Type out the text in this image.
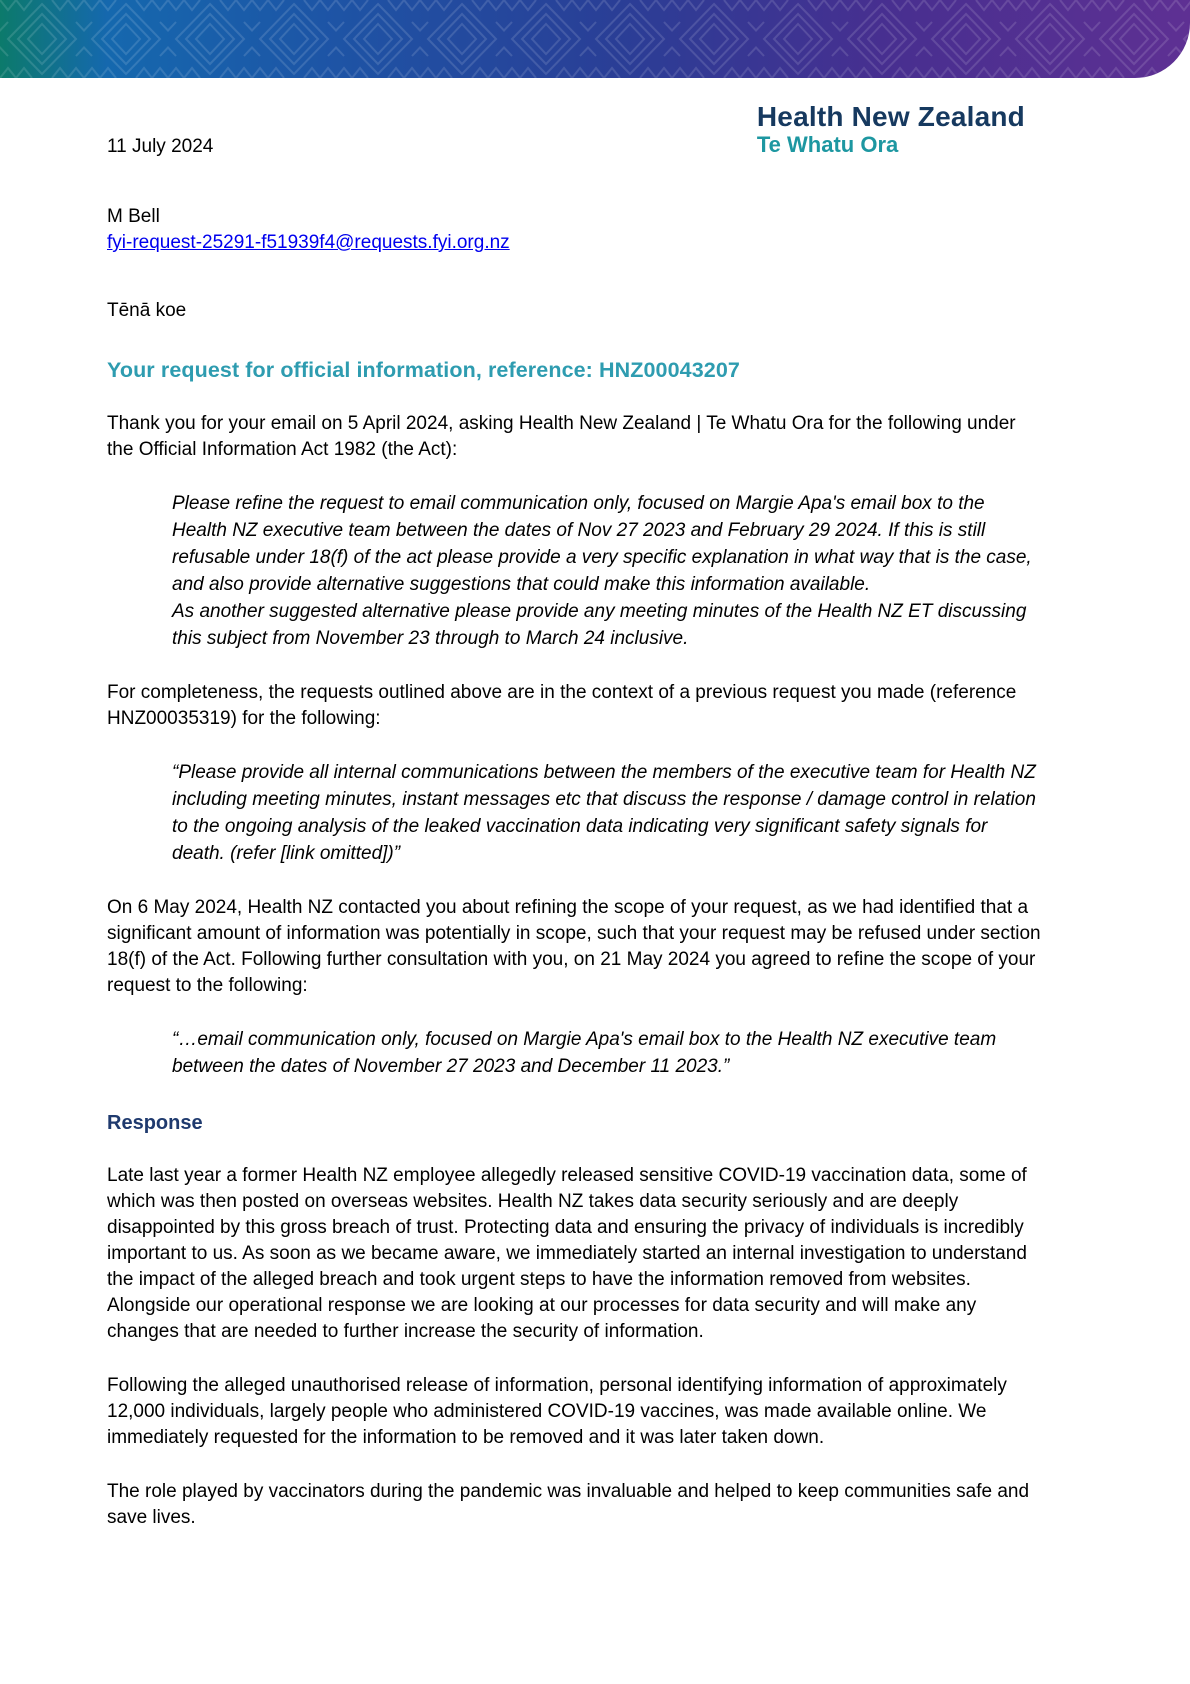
11 July 2024
Health New Zealand
Te Whatu Ora
M Bell
fyi-request-25291-f51939f4@requests.fyi.org.nz
Tēnā koe
Your request for official information, reference: HNZ00043207
Thank you for your email on 5 April 2024, asking Health New Zealand | Te Whatu Ora for the following under the Official Information Act 1982 (the Act):
Please refine the request to email communication only, focused on Margie Apa's email box to the Health NZ executive team between the dates of Nov 27 2023 and February 29 2024. If this is still refusable under 18(f) of the act please provide a very specific explanation in what way that is the case, and also provide alternative suggestions that could make this information available.
As another suggested alternative please provide any meeting minutes of the Health NZ ET discussing this subject from November 23 through to March 24 inclusive.
For completeness, the requests outlined above are in the context of a previous request you made (reference HNZ00035319) for the following:
“Please provide all internal communications between the members of the executive team for Health NZ including meeting minutes, instant messages etc that discuss the response / damage control in relation to the ongoing analysis of the leaked vaccination data indicating very significant safety signals for death. (refer [link omitted])”
On 6 May 2024, Health NZ contacted you about refining the scope of your request, as we had identified that a significant amount of information was potentially in scope, such that your request may be refused under section 18(f) of the Act. Following further consultation with you, on 21 May 2024 you agreed to refine the scope of your request to the following:
“…email communication only, focused on Margie Apa's email box to the Health NZ executive team between the dates of November 27 2023 and December 11 2023.”
Response
Late last year a former Health NZ employee allegedly released sensitive COVID-19 vaccination data, some of which was then posted on overseas websites. Health NZ takes data security seriously and are deeply disappointed by this gross breach of trust. Protecting data and ensuring the privacy of individuals is incredibly important to us. As soon as we became aware, we immediately started an internal investigation to understand the impact of the alleged breach and took urgent steps to have the information removed from websites. Alongside our operational response we are looking at our processes for data security and will make any changes that are needed to further increase the security of information.
Following the alleged unauthorised release of information, personal identifying information of approximately 12,000 individuals, largely people who administered COVID-19 vaccines, was made available online. We immediately requested for the information to be removed and it was later taken down.
The role played by vaccinators during the pandemic was invaluable and helped to keep communities safe and save lives.
